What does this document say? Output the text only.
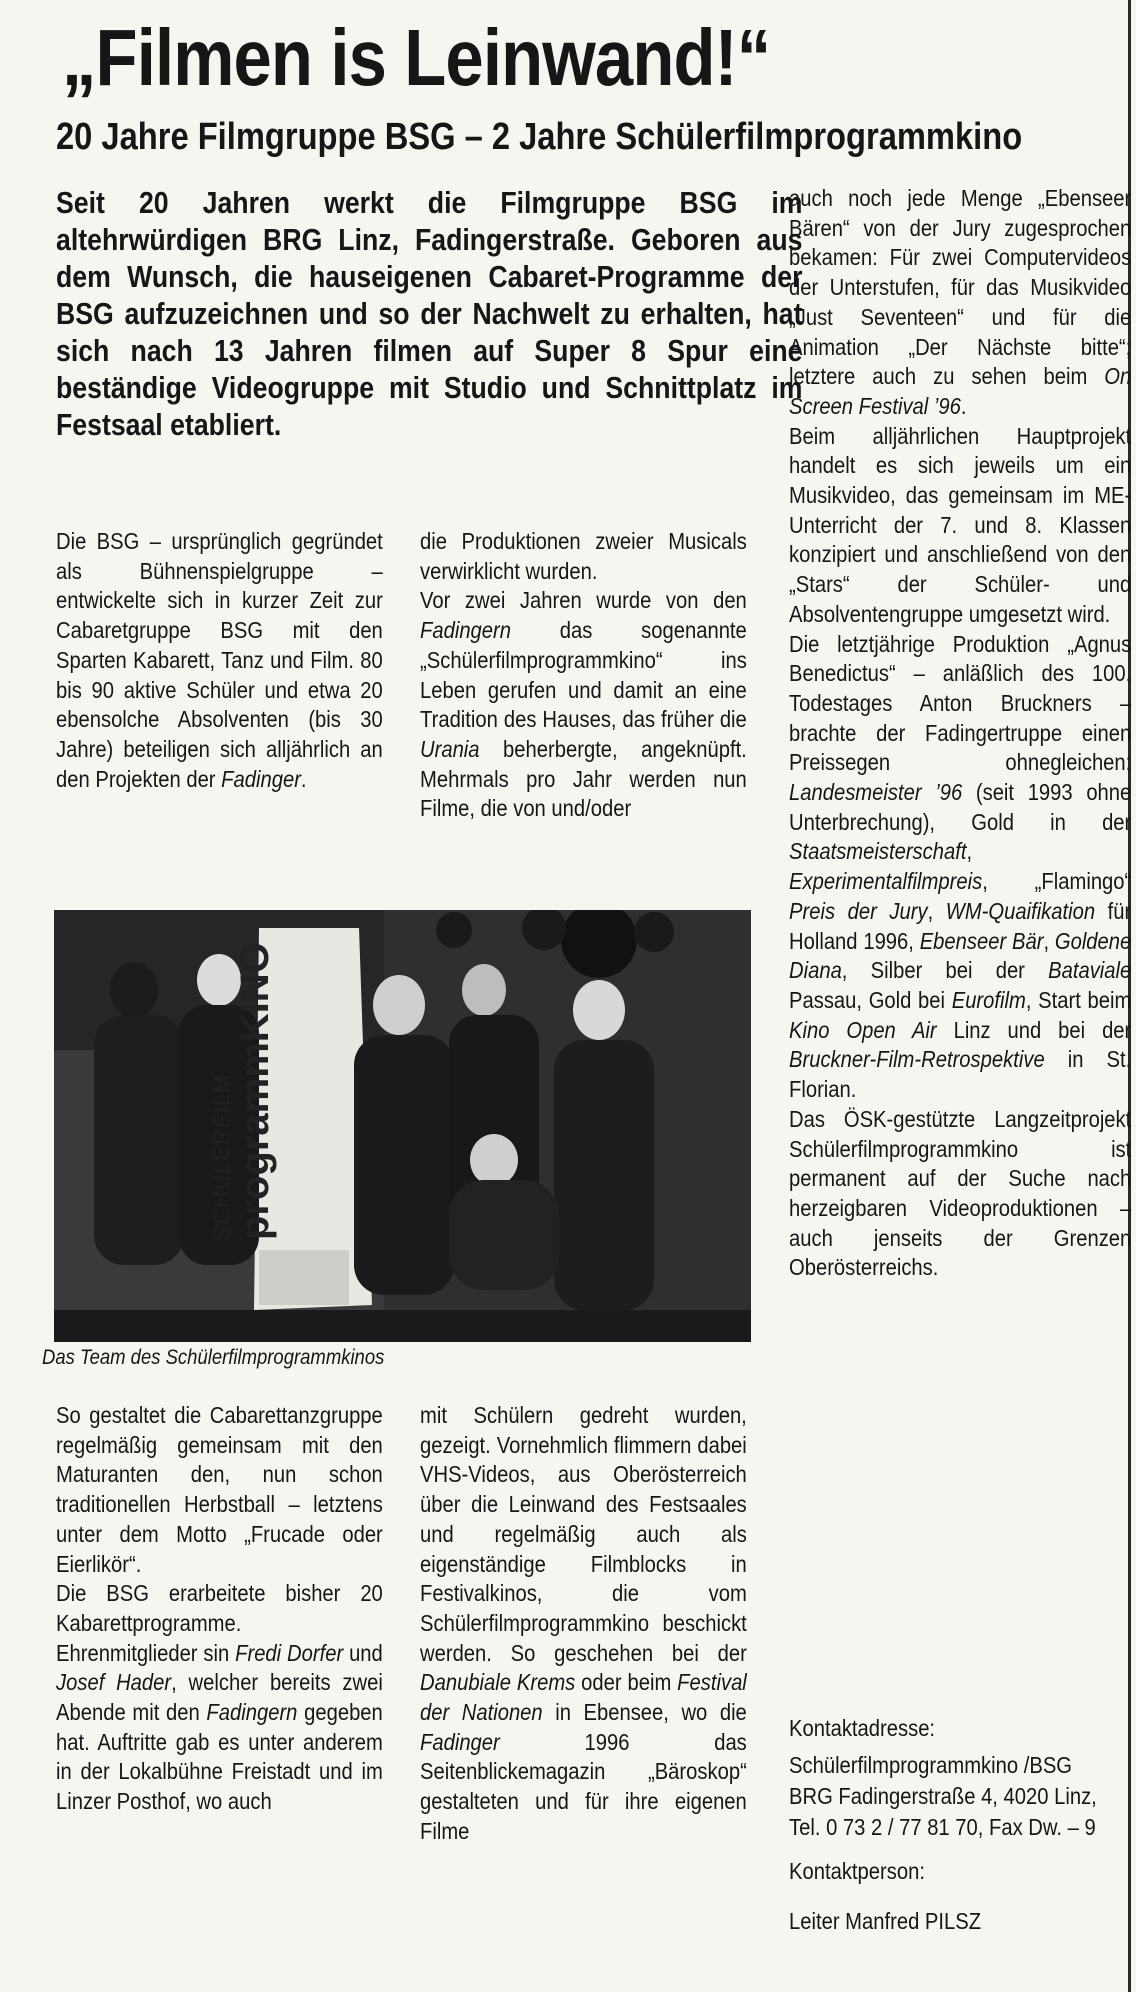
„Filmen is Leinwand!“
20 Jahre Filmgruppe BSG – 2 Jahre Schülerfilmprogrammkino

Seit 20 Jahren werkt die Filmgruppe BSG im altehrwürdigen BRG Linz, Fadingerstraße. Geboren aus dem Wunsch, die hauseigenen Cabaret-Programme der BSG aufzuzeichnen und so der Nachwelt zu erhalten, hat sich nach 13 Jahren filmen auf Super 8 Spur eine beständige Videogruppe mit Studio und Schnittplatz im Festsaal etabliert.

Die BSG – ursprünglich gegründet als Bühnenspielgruppe – entwickelte sich in kurzer Zeit zur Cabaretgruppe BSG mit den Sparten Kabarett, Tanz und Film. 80 bis 90 aktive Schüler und etwa 20 ebensolche Absolventen (bis 30 Jahre) beteiligen sich alljährlich an den Projekten der Fadinger.

die Produktionen zweier Musicals verwirklicht wurden.

Vor zwei Jahren wurde von den Fadingern das sogenannte „Schülerfilmprogrammkino“ ins Leben gerufen und damit an eine Tradition des Hauses, das früher die Urania beherbergte, angeknüpft. Mehrmals pro Jahr werden nun Filme, die von und/oder

SCHÜLERFILM programmKINO

Das Team des Schülerfilmprogrammkinos

So gestaltet die Cabarettanzgruppe regelmäßig gemeinsam mit den Maturanten den, nun schon traditionellen Herbstball – letztens unter dem Motto „Frucade oder Eierlikör“.

Die BSG erarbeitete bisher 20 Kabarettprogramme. Ehrenmitglieder sin Fredi Dorfer und Josef Hader, welcher bereits zwei Abende mit den Fadingern gegeben hat. Auftritte gab es unter anderem in der Lokalbühne Freistadt und im Linzer Posthof, wo auch

mit Schülern gedreht wurden, gezeigt. Vornehmlich flimmern dabei VHS-Videos, aus Oberösterreich über die Leinwand des Festsaales und regelmäßig auch als eigenständige Filmblocks in Festivalkinos, die vom Schülerfilmprogrammkino beschickt werden. So geschehen bei der Danubiale Krems oder beim Festival der Nationen in Ebensee, wo die Fadinger 1996 das Seitenblickemagazin „Bäroskop“ gestalteten und für ihre eigenen Filme

auch noch jede Menge „Ebenseer Bären“ von der Jury zugesprochen bekamen: Für zwei Computervideos der Unterstufen, für das Musikvideo „Just Seventeen“ und für die Animation „Der Nächste bitte“; letztere auch zu sehen beim On Screen Festival ’96.

Beim alljährlichen Hauptprojekt handelt es sich jeweils um ein Musikvideo, das gemeinsam im ME-Unterricht der 7. und 8. Klassen konzipiert und anschließend von den „Stars“ der Schüler- und Absolventengruppe umgesetzt wird.

Die letztjährige Produktion „Agnus Benedictus“ – anläßlich des 100. Todestages Anton Bruckners – brachte der Fadingertruppe einen Preissegen ohnegleichen: Landesmeister ’96 (seit 1993 ohne Unterbrechung), Gold in der Staatsmeisterschaft, Experimentalfilmpreis, „Flamingo“ Preis der Jury, WM-Quaifikation für Holland 1996, Ebenseer Bär, Goldene Diana, Silber bei der Bataviale Passau, Gold bei Eurofilm, Start beim Kino Open Air Linz und bei der Bruckner-Film-Retrospektive in St. Florian.

Das ÖSK-gestützte Langzeitprojekt Schülerfilmprogrammkino ist permanent auf der Suche nach herzeigbaren Videoproduktionen – auch jenseits der Grenzen Oberösterreichs.

Kontaktadresse:

Schülerfilmprogrammkino /BSG

BRG Fadingerstraße 4, 4020 Linz,

Tel. 0 73 2 / 77 81 70, Fax Dw. – 9

Kontaktperson:

Leiter Manfred PILSZ
